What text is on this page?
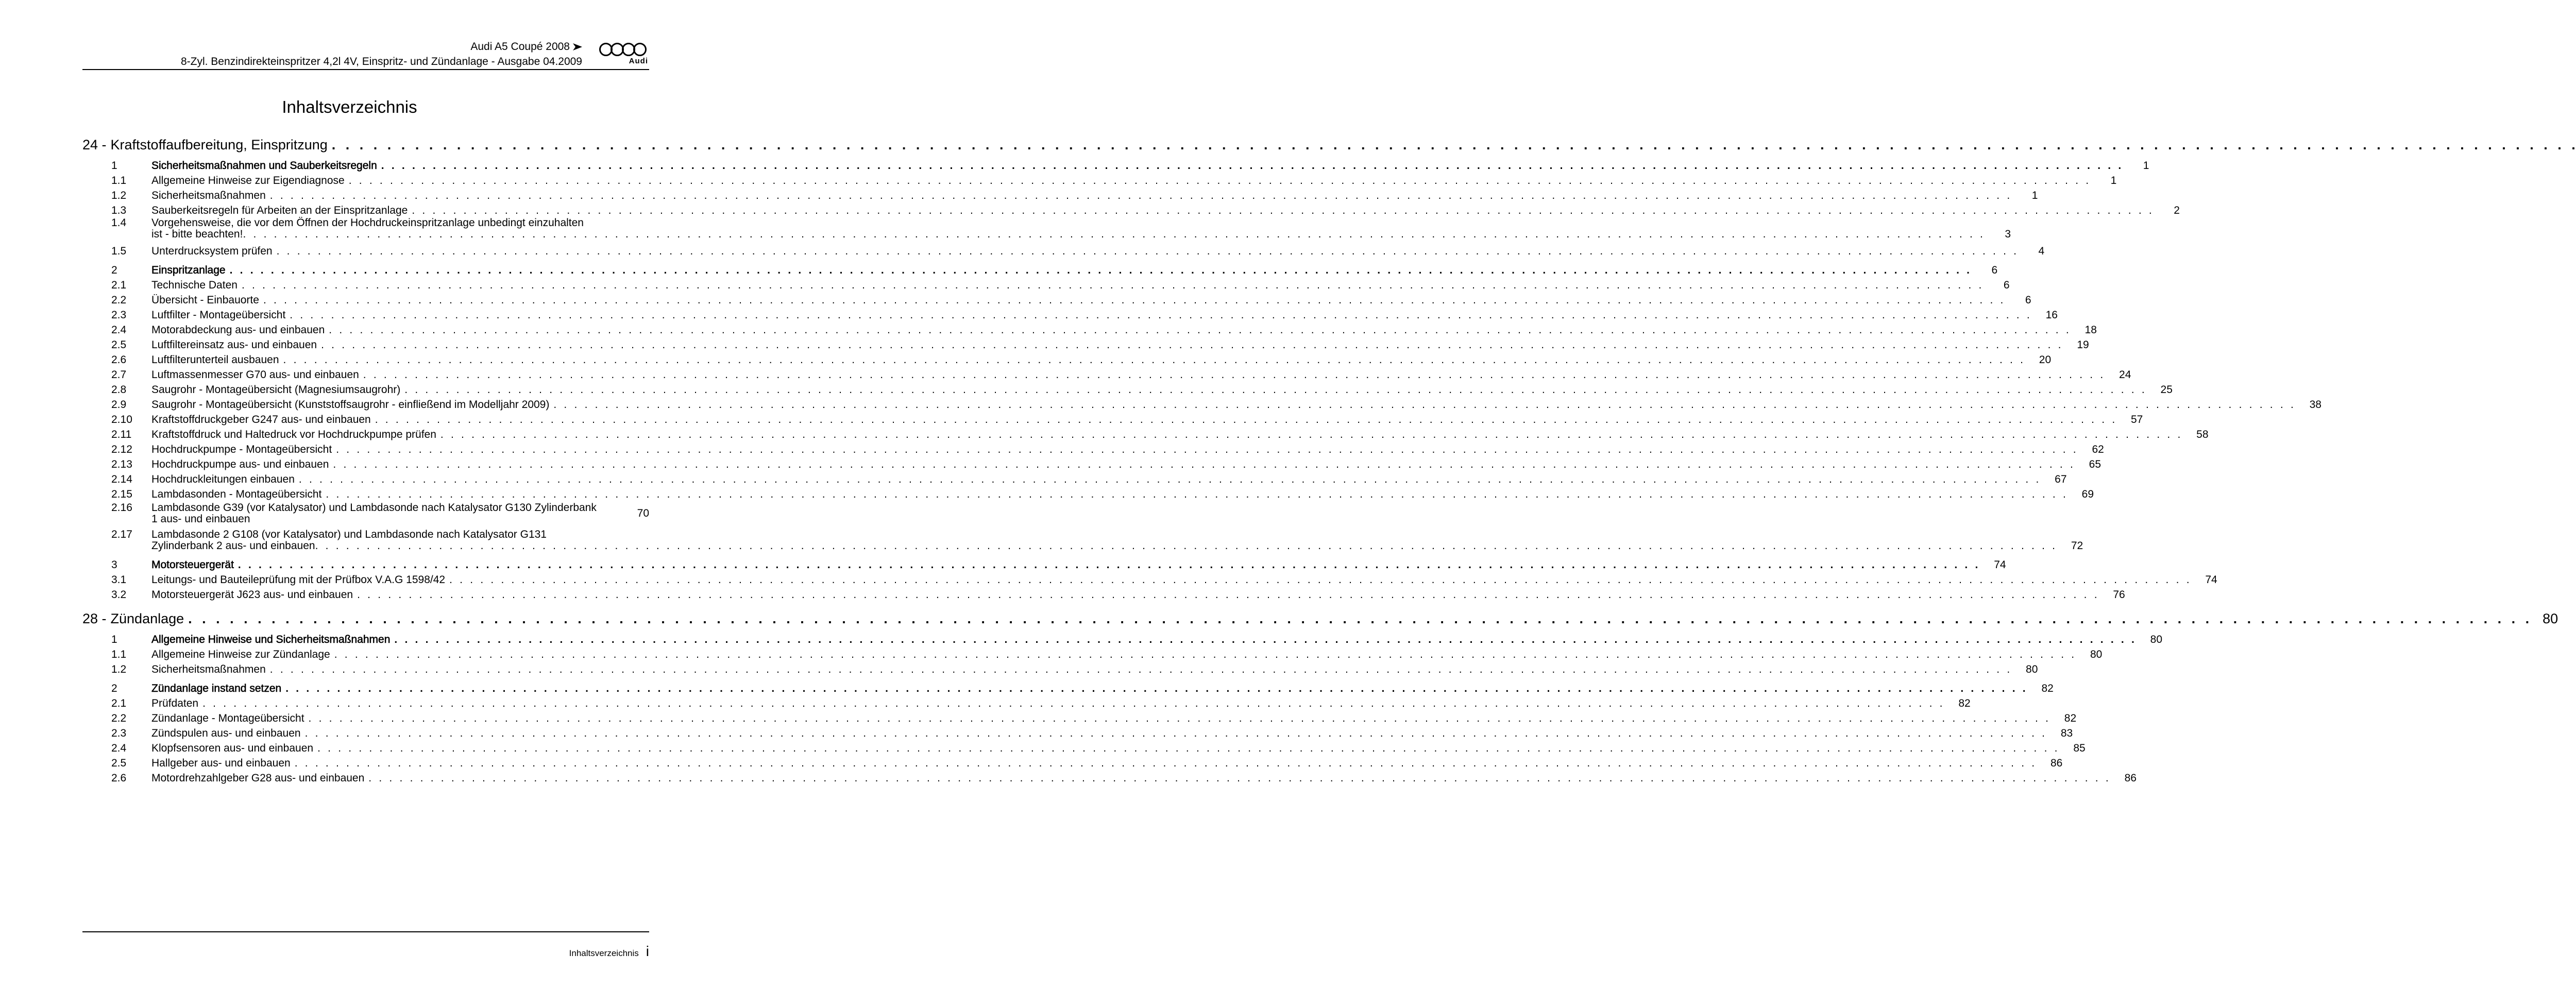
Audi A5 Coupé 2008
8-Zyl. Benzindirekteinspritzer 4,2l 4V, Einspritz- und Zündanlage - Ausgabe 04.2009	Audi
Inhaltsverzeichnis
24 - Kraftstoffaufbereitung, Einspritzung
. . .
1	Sicherheitsmaßnahmen und Sauberkeitsregeln . . .	1
1.1	Allgemeine Hinweise zur Eigendiagnose . . .	1
1.2	Sicherheitsmaßnahmen . . .	1
1.3	Sauberkeitsregeln für Arbeiten an der Einspritzanlage . . .	2
1.4	Vorgehensweise, die vor dem Öffnen der Hochdruckeinspritzanlage unbedingt einzuhalten
ist - bitte beachten! . . .	3
1.5	Unterdrucksystem prüfen . . .	4
2	Einspritzanlage . . .	6
2.1	Technische Daten . . .	6
2.2	Übersicht - Einbauorte . . .	6
2.3	Luftfilter - Montageübersicht . . .	16
2.4	Motorabdeckung aus- und einbauen . . .	18
2.5	Luftfiltereinsatz aus- und einbauen . . .	19
2.6	Luftfilterunterteil ausbauen . . .	20
2.7	Luftmassenmesser G70 aus- und einbauen . . .	24
2.8	Saugrohr - Montageübersicht (Magnesiumsaugrohr) . . .	25
2.9	Saugrohr - Montageübersicht (Kunststoffsaugrohr - einfließend im Modelljahr 2009) . . .	38
2.10	Kraftstoffdruckgeber G247 aus- und einbauen . . .	57
2.11	Kraftstoffdruck und Haltedruck vor Hochdruckpumpe prüfen . . .	58
2.12	Hochdruckpumpe - Montageübersicht . . .	62
2.13	Hochdruckpumpe aus- und einbauen . . .	65
2.14	Hochdruckleitungen einbauen . . .	67
2.15	Lambdasonden - Montageübersicht . . .	69
2.16	Lambdasonde G39 (vor Katalysator) und Lambdasonde nach Katalysator G130 Zylinderbank
1 aus- und einbauen	70
2.17	Lambdasonde 2 G108 (vor Katalysator) und Lambdasonde nach Katalysator G131
Zylinderbank 2 aus- und einbauen . . .	72
3	Motorsteuergerät . . .	74
3.1	Leitungs- und Bauteileprüfung mit der Prüfbox V.A.G 1598/42 . . .	74
3.2	Motorsteuergerät J623 aus- und einbauen . . .	76
28 - Zündanlage . . .	80
1	Allgemeine Hinweise und Sicherheitsmaßnahmen . . .	80
1.1	Allgemeine Hinweise zur Zündanlage . . .	80
1.2	Sicherheitsmaßnahmen . . .	80
2	Zündanlage instand setzen . . .	82
2.1	Prüfdaten . . .	82
2.2	Zündanlage - Montageübersicht . . .	82
2.3	Zündspulen aus- und einbauen . . .	83
2.4	Klopfsensoren aus- und einbauen . . .	85
2.5	Hallgeber aus- und einbauen . . .	86
2.6	Motordrehzahlgeber G28 aus- und einbauen . . .	86
Inhaltsverzeichnis i
